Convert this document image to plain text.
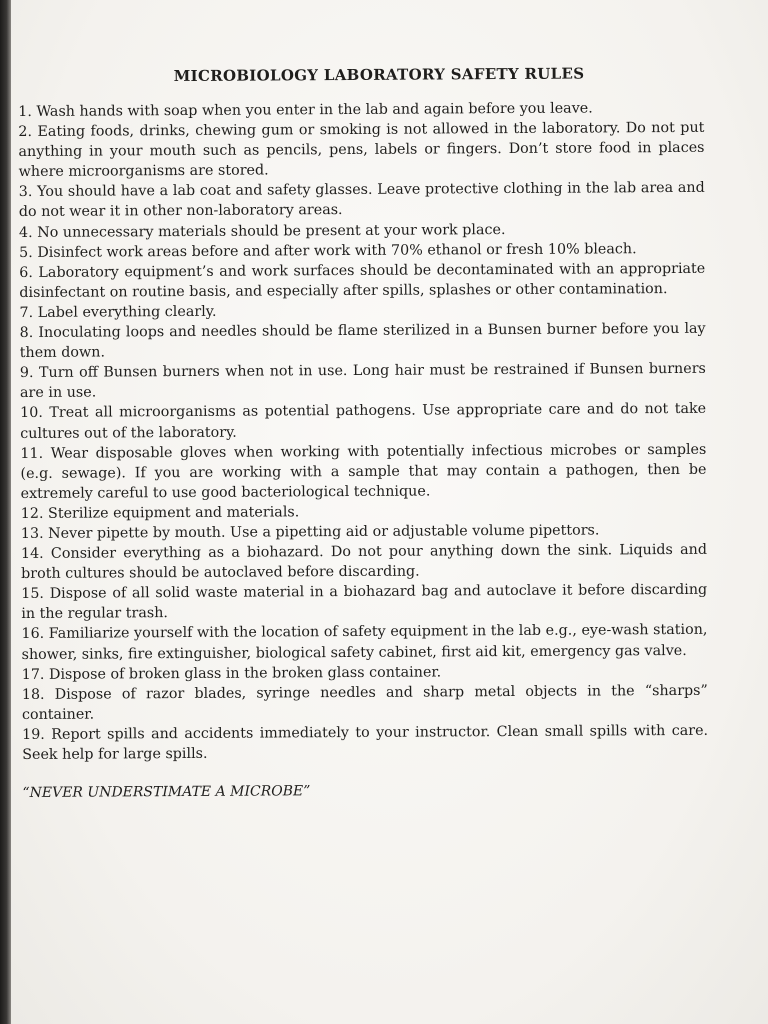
MICROBIOLOGY LABORATORY SAFETY RULES
1. Wash hands with soap when you enter in the lab and again before you leave.
2. Eating foods, drinks, chewing gum or smoking is not allowed in the laboratory. Do not put anything in your mouth such as pencils, pens, labels or fingers. Don’t store food in places where microorganisms are stored.
3. You should have a lab coat and safety glasses. Leave protective clothing in the lab area and do not wear it in other non-laboratory areas.
4. No unnecessary materials should be present at your work place.
5. Disinfect work areas before and after work with 70% ethanol or fresh 10% bleach.
6. Laboratory equipment’s and work surfaces should be decontaminated with an appropriate disinfectant on routine basis, and especially after spills, splashes or other contamination.
7. Label everything clearly.
8. Inoculating loops and needles should be flame sterilized in a Bunsen burner before you lay them down.
9. Turn off Bunsen burners when not in use. Long hair must be restrained if Bunsen burners are in use.
10. Treat all microorganisms as potential pathogens. Use appropriate care and do not take cultures out of the laboratory.
11. Wear disposable gloves when working with potentially infectious microbes or samples (e.g. sewage). If you are working with a sample that may contain a pathogen, then be extremely careful to use good bacteriological technique.
12. Sterilize equipment and materials.
13. Never pipette by mouth. Use a pipetting aid or adjustable volume pipettors.
14. Consider everything as a biohazard. Do not pour anything down the sink. Liquids and broth cultures should be autoclaved before discarding.
15. Dispose of all solid waste material in a biohazard bag and autoclave it before discarding in the regular trash.
16. Familiarize yourself with the location of safety equipment in the lab e.g., eye-wash station, shower, sinks, fire extinguisher, biological safety cabinet, first aid kit, emergency gas valve.
17. Dispose of broken glass in the broken glass container.
18. Dispose of razor blades, syringe needles and sharp metal objects in the “sharps” container.
19. Report spills and accidents immediately to your instructor. Clean small spills with care. Seek help for large spills.

“NEVER UNDERSTIMATE A MICROBE”
